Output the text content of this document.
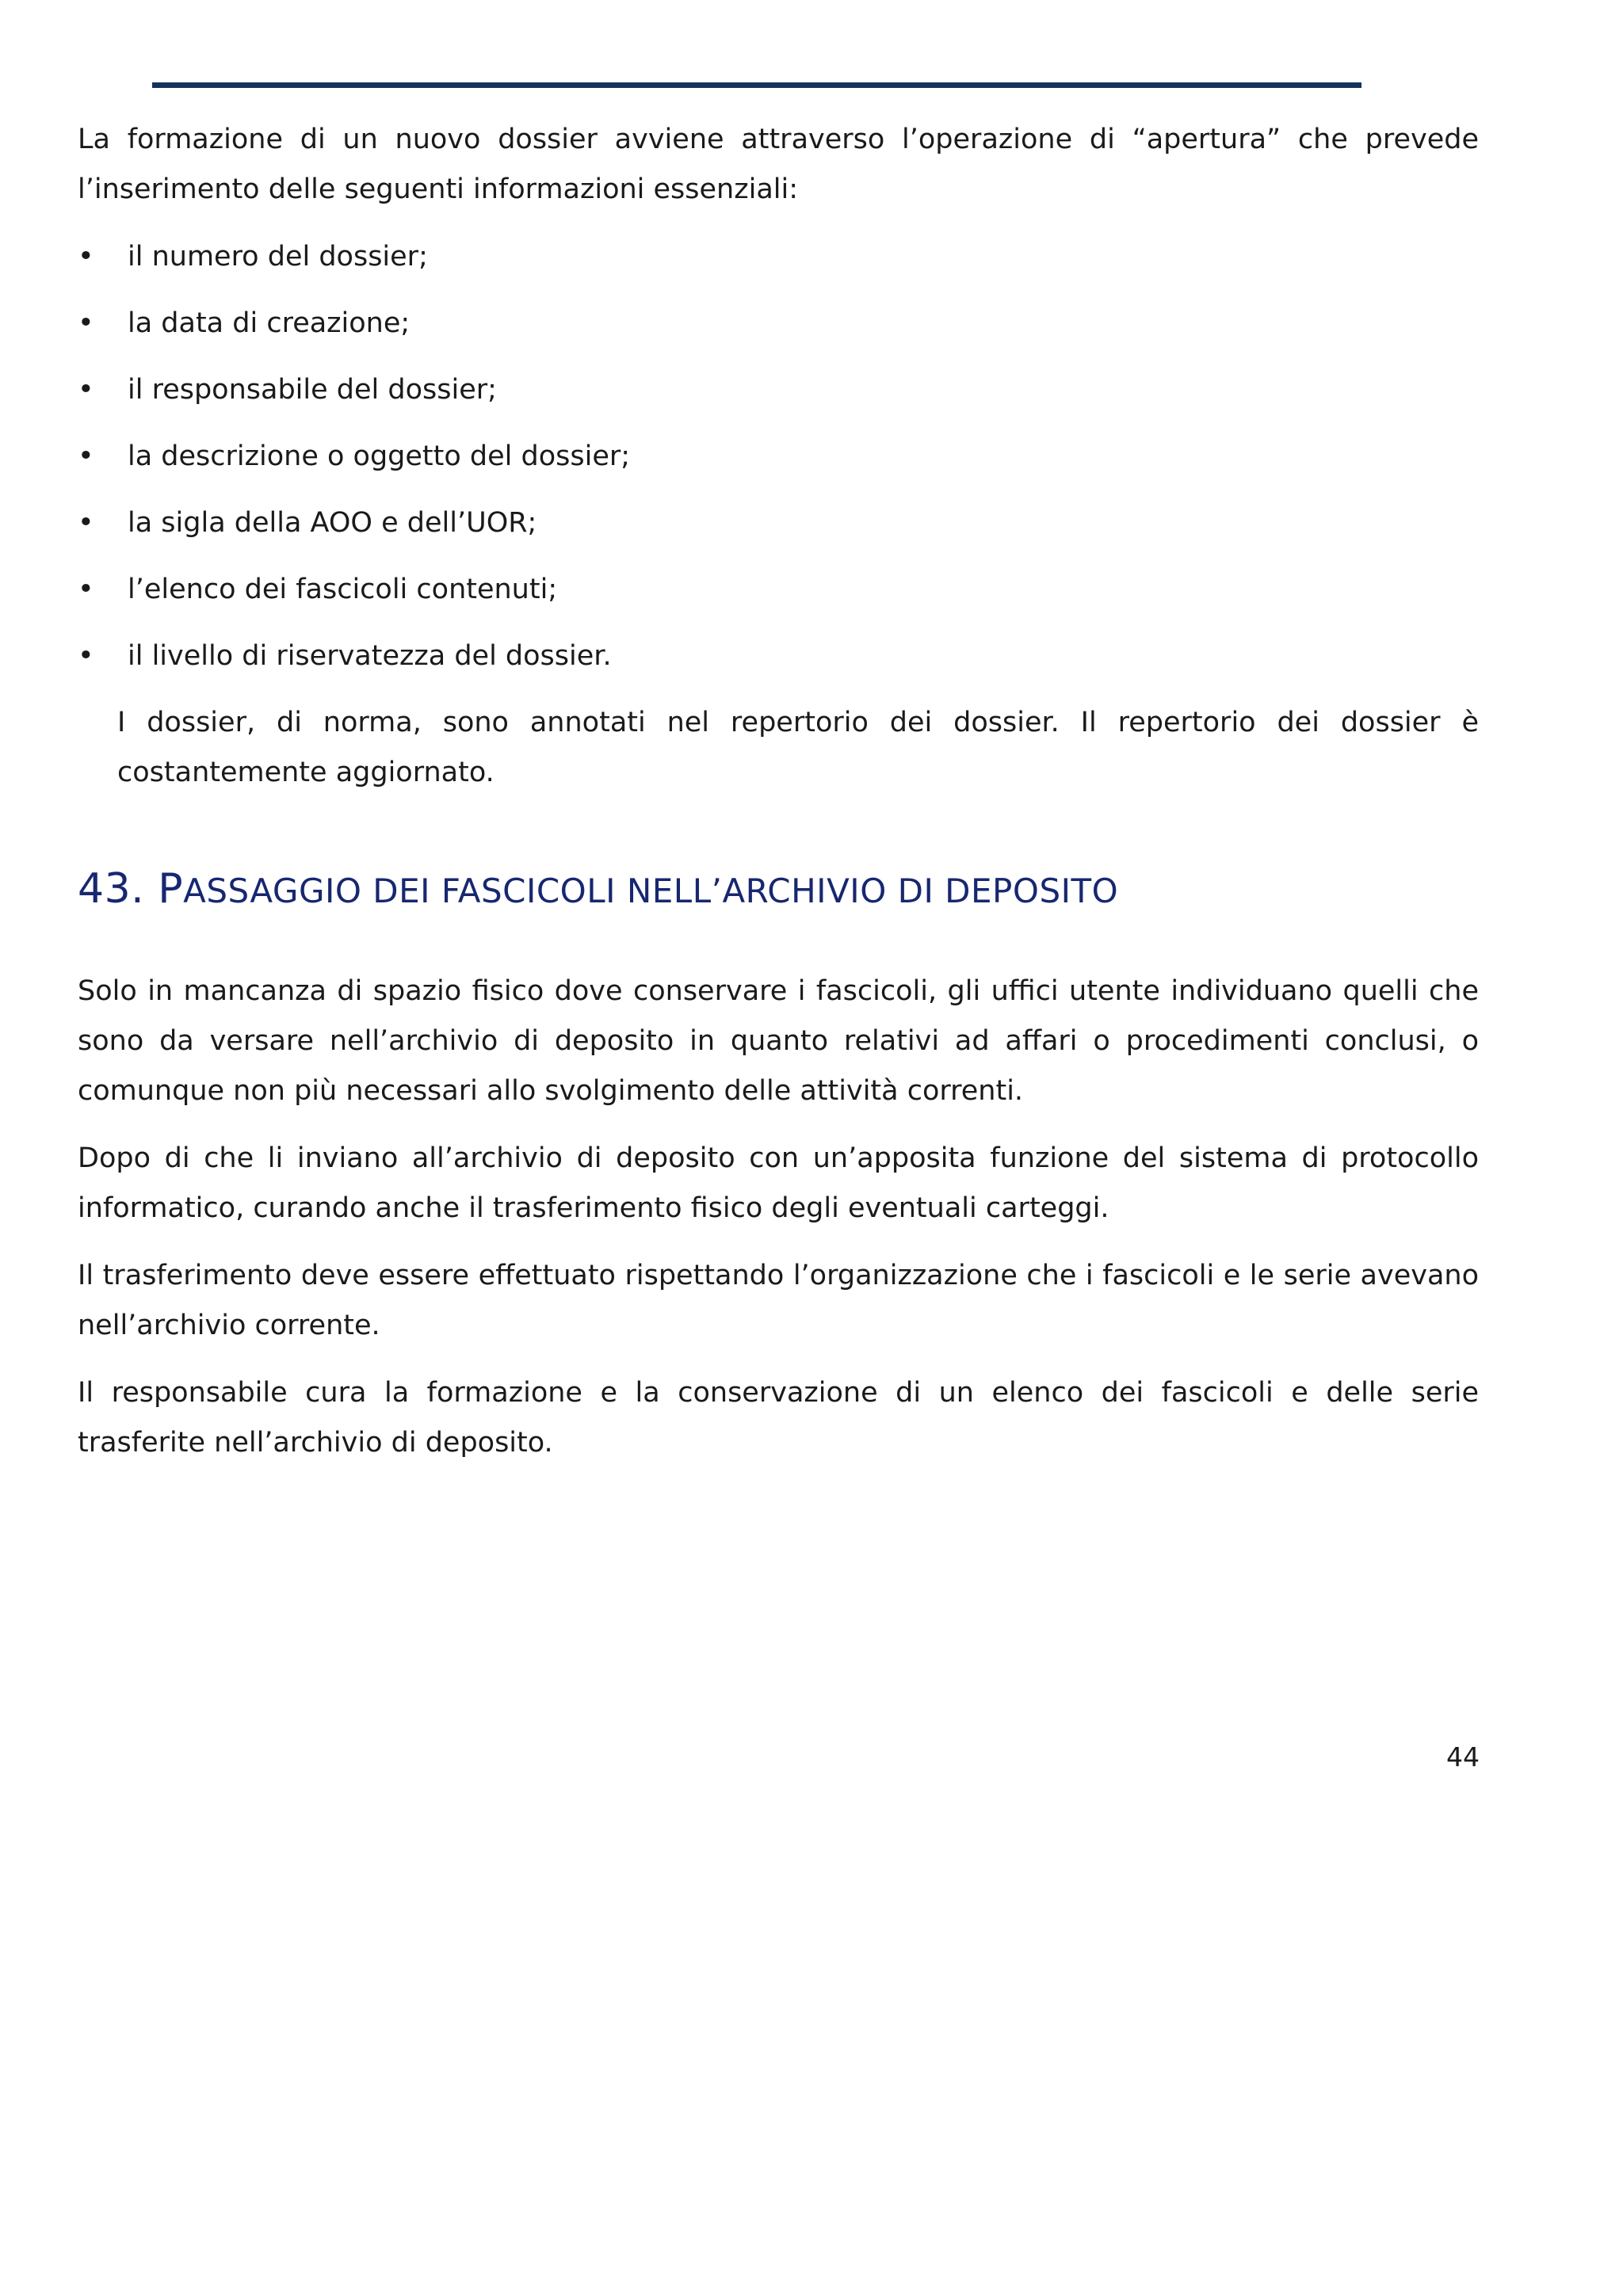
La formazione di un nuovo dossier avviene attraverso l’operazione di “apertura” che prevede l’inserimento delle seguenti informazioni essenziali:

• il numero del dossier;
• la data di creazione;
• il responsabile del dossier;
• la descrizione o oggetto del dossier;
• la sigla della AOO e dell’UOR;
• l’elenco dei fascicoli contenuti;
• il livello di riservatezza del dossier.

I dossier, di norma, sono annotati nel repertorio dei dossier. Il repertorio dei dossier è costantemente aggiornato.

43. PASSAGGIO DEI FASCICOLI NELL’ARCHIVIO DI DEPOSITO

Solo in mancanza di spazio fisico dove conservare i fascicoli, gli uffici utente individuano quelli che sono da versare nell’archivio di deposito in quanto relativi ad affari o procedimenti conclusi, o comunque non più necessari allo svolgimento delle attività correnti.

Dopo di che li inviano all’archivio di deposito con un’apposita funzione del sistema di protocollo informatico, curando anche il trasferimento fisico degli eventuali carteggi.

Il trasferimento deve essere effettuato rispettando l’organizzazione che i fascicoli e le serie avevano nell’archivio corrente.

Il responsabile cura la formazione e la conservazione di un elenco dei fascicoli e delle serie trasferite nell’archivio di deposito.

44
